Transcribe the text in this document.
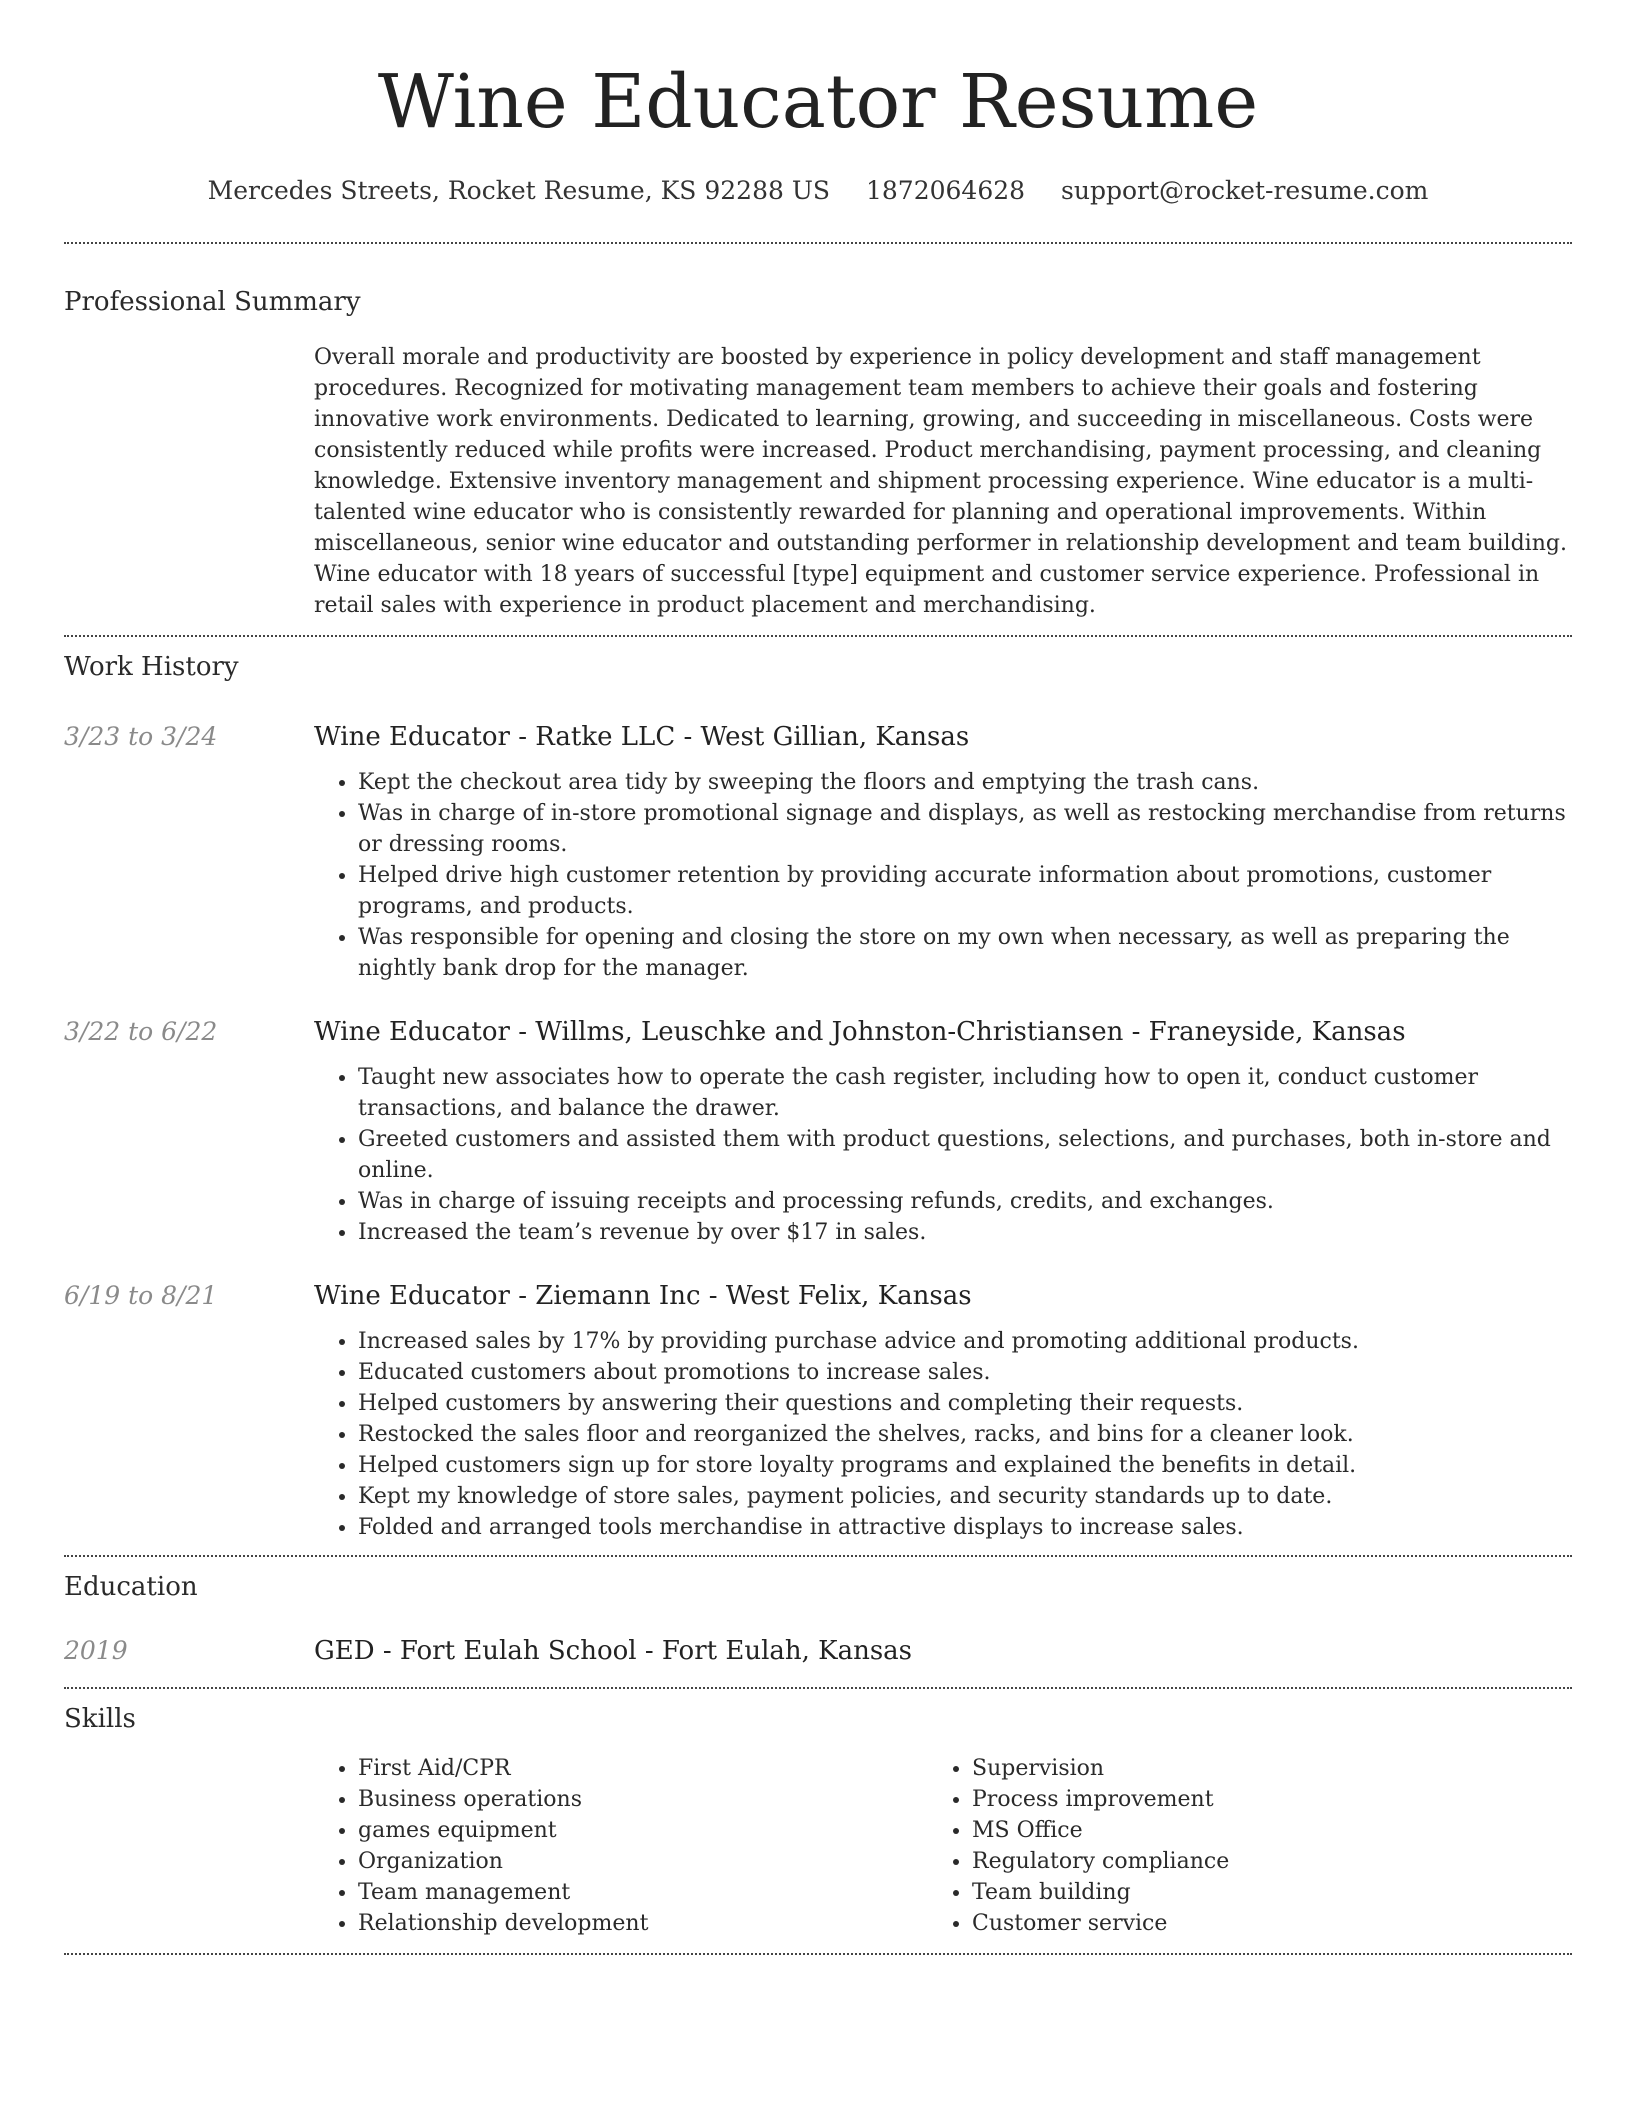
Wine Educator Resume
Mercedes Streets, Rocket Resume, KS 92288 US 1872064628 support@rocket-resume.com
Professional Summary
Overall morale and productivity are boosted by experience in policy development and staff management procedures. Recognized for motivating management team members to achieve their goals and fostering innovative work environments. Dedicated to learning, growing, and succeeding in miscellaneous. Costs were consistently reduced while profits were increased. Product merchandising, payment processing, and cleaning knowledge. Extensive inventory management and shipment processing experience. Wine educator is a multi-talented wine educator who is consistently rewarded for planning and operational improvements. Within miscellaneous, senior wine educator and outstanding performer in relationship development and team building. Wine educator with 18 years of successful [type] equipment and customer service experience. Professional in retail sales with experience in product placement and merchandising.
Work History
3/23 to 3/24	Wine Educator - Ratke LLC - West Gillian, Kansas
• Kept the checkout area tidy by sweeping the floors and emptying the trash cans.
• Was in charge of in-store promotional signage and displays, as well as restocking merchandise from returns or dressing rooms.
• Helped drive high customer retention by providing accurate information about promotions, customer programs, and products.
• Was responsible for opening and closing the store on my own when necessary, as well as preparing the nightly bank drop for the manager.
3/22 to 6/22	Wine Educator - Willms, Leuschke and Johnston-Christiansen - Franeyside, Kansas
• Taught new associates how to operate the cash register, including how to open it, conduct customer transactions, and balance the drawer.
• Greeted customers and assisted them with product questions, selections, and purchases, both in-store and online.
• Was in charge of issuing receipts and processing refunds, credits, and exchanges.
• Increased the team’s revenue by over $17 in sales.
6/19 to 8/21	Wine Educator - Ziemann Inc - West Felix, Kansas
• Increased sales by 17% by providing purchase advice and promoting additional products.
• Educated customers about promotions to increase sales.
• Helped customers by answering their questions and completing their requests.
• Restocked the sales floor and reorganized the shelves, racks, and bins for a cleaner look.
• Helped customers sign up for store loyalty programs and explained the benefits in detail.
• Kept my knowledge of store sales, payment policies, and security standards up to date.
• Folded and arranged tools merchandise in attractive displays to increase sales.
Education
2019	GED - Fort Eulah School - Fort Eulah, Kansas
Skills
• First Aid/CPR
• Business operations
• games equipment
• Organization
• Team management
• Relationship development
• Supervision
• Process improvement
• MS Office
• Regulatory compliance
• Team building
• Customer service
